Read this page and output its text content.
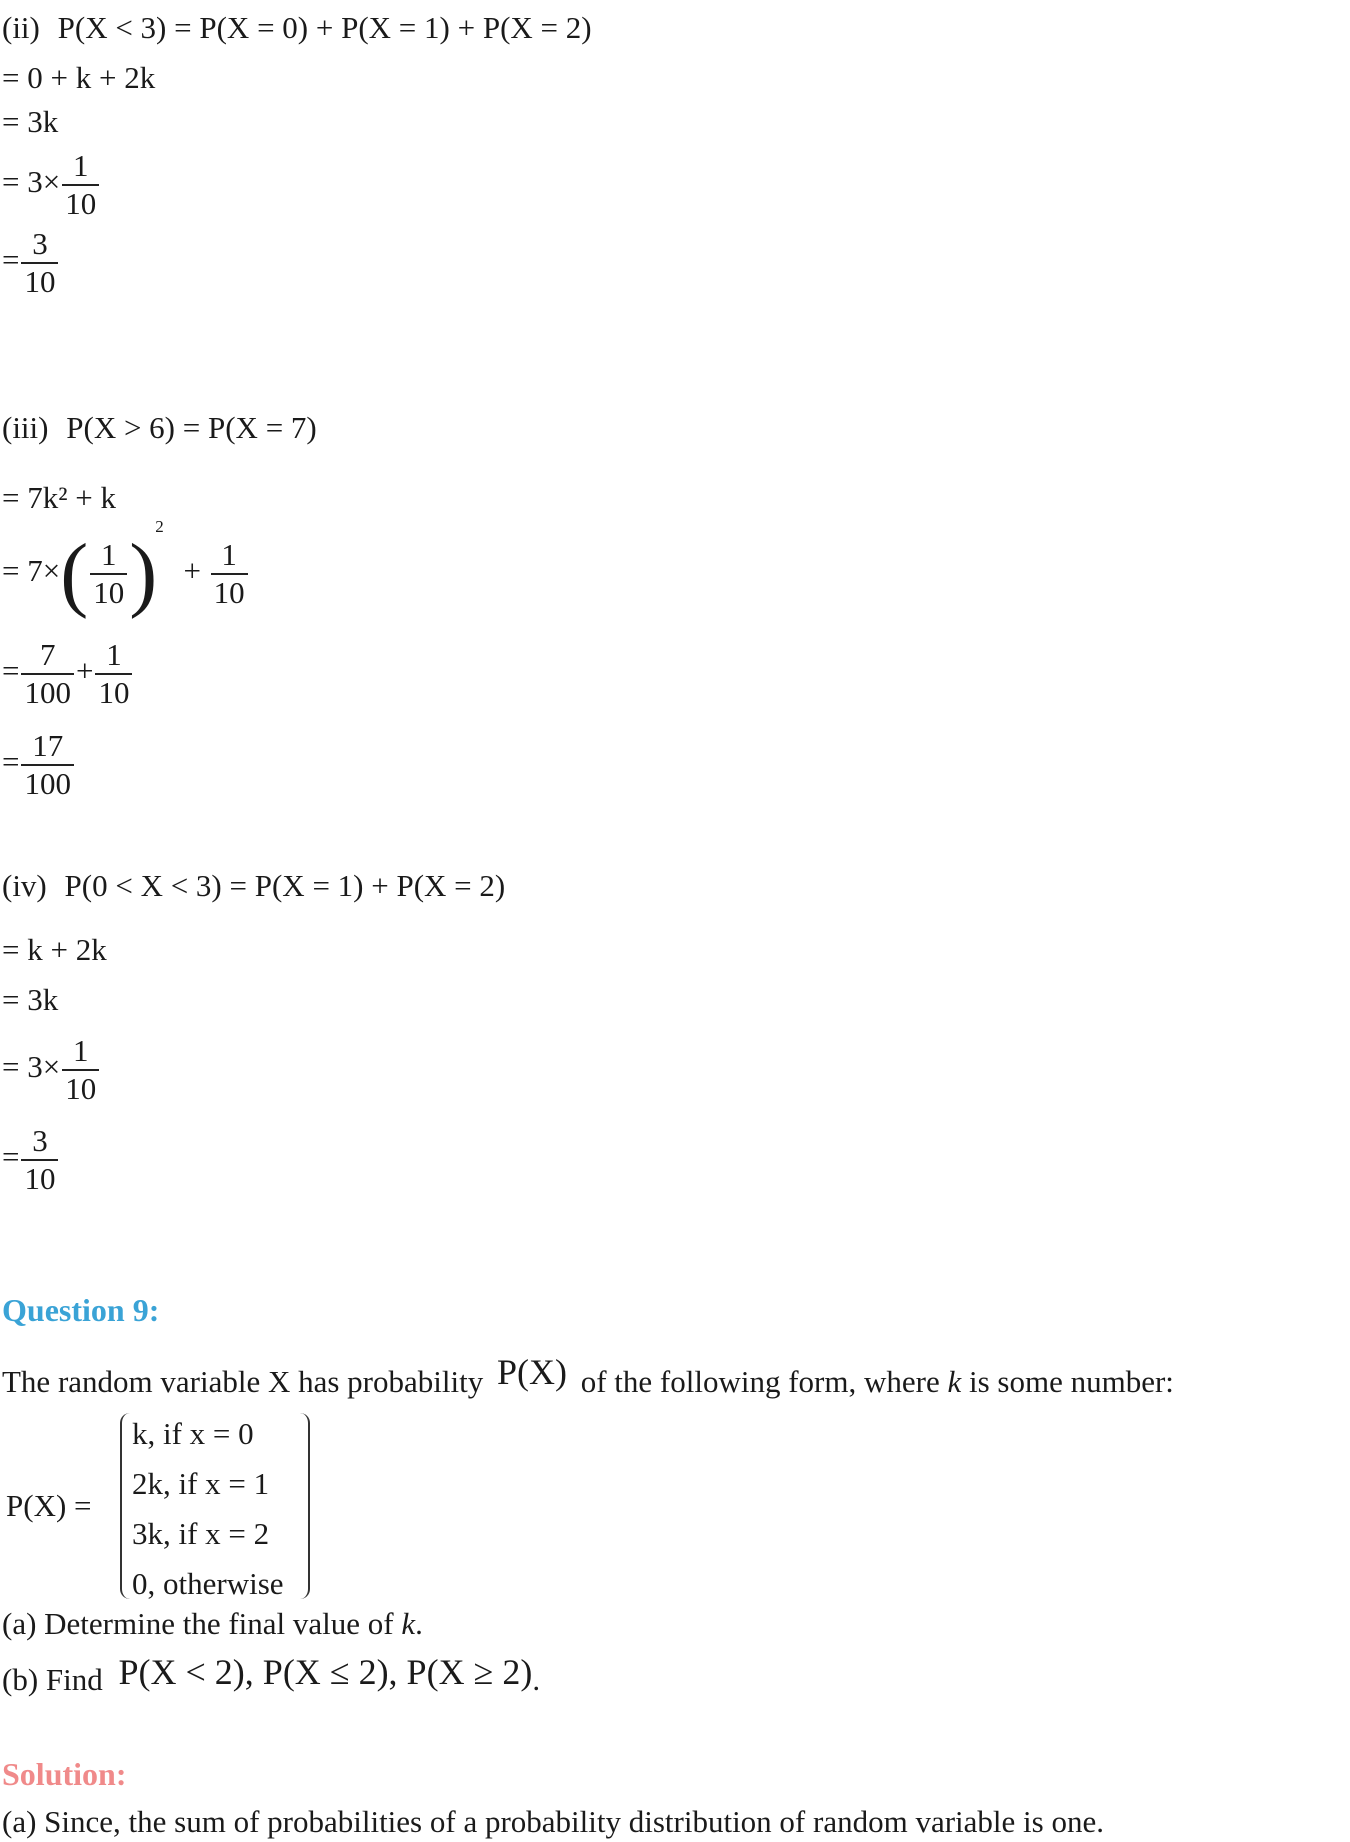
(ii) P(X < 3) = P(X = 0) + P(X = 1) + P(X = 2)
= 0 + k + 2k
= 3k
= $3\times \frac{1}{10}$
= $\frac{3}{10}$
(iii) P(X > 6) = P(X = 7)
= 7k² + k
= $7\times( \frac{1}{10} )^2 + \frac{1}{10}$
= $\frac{7}{100} + \frac{1}{10}$
= $\frac{17}{100}$
(iv) P(0 < X < 3) = P(X = 1) + P(X = 2)
= k + 2k
= 3k
= $3\times \frac{1}{10}$
= $\frac{3}{10}$
Question 9:
The random variable X has probability P(X) of the following form, where k is some number:
P(X) =
k, if x = 0
2k, if x = 1
3k, if x = 2
0, otherwise
(a) Determine the final value of k.
(b) Find P(X < 2), P(X ≤ 2), P(X ≥ 2).
Solution:
(a) Since, the sum of probabilities of a probability distribution of random variable is one.
